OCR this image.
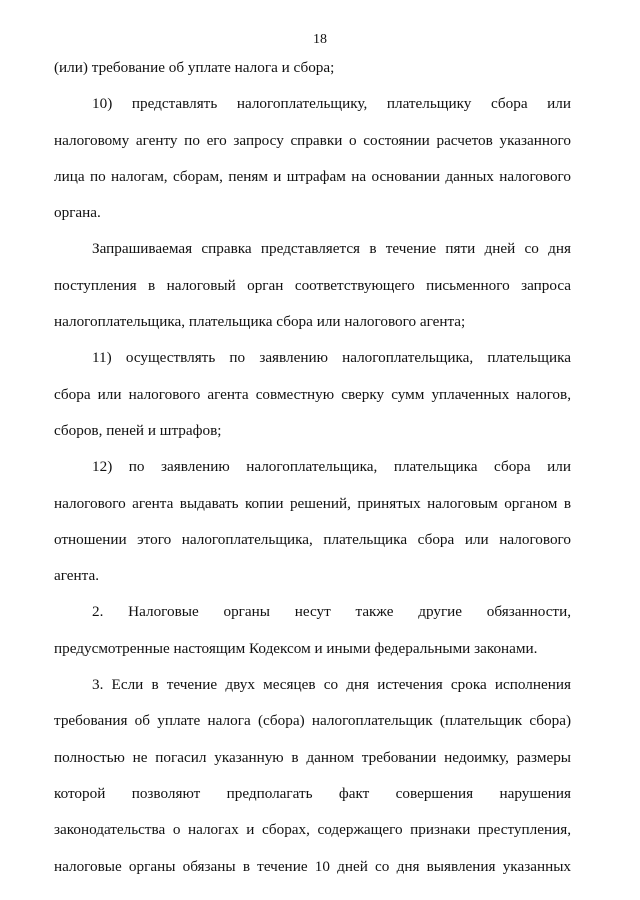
18
(или) требование об уплате налога и сбора;
10) представлять налогоплательщику, плательщику сбора или
налоговому агенту по его запросу справки о состоянии расчетов указанного
лица по налогам, сборам, пеням и штрафам на основании данных налогового
органа.
Запрашиваемая справка представляется в течение пяти дней со дня
поступления в налоговый орган соответствующего письменного запроса
налогоплательщика, плательщика сбора или налогового агента;
11) осуществлять по заявлению налогоплательщика, плательщика
сбора или налогового агента совместную сверку сумм уплаченных налогов,
сборов, пеней и штрафов;
12) по заявлению налогоплательщика, плательщика сбора или
налогового агента выдавать копии решений, принятых налоговым органом в
отношении этого налогоплательщика, плательщика сбора или налогового
агента.
2. Налоговые органы несут также другие обязанности,
предусмотренные настоящим Кодексом и иными федеральными законами.
3. Если в течение двух месяцев со дня истечения срока исполнения
требования об уплате налога (сбора) налогоплательщик (плательщик сбора)
полностью не погасил указанную в данном требовании недоимку, размеры
которой позволяют предполагать факт совершения нарушения
законодательства о налогах и сборах, содержащего признаки преступления,
налоговые органы обязаны в течение 10 дней со дня выявления указанных
